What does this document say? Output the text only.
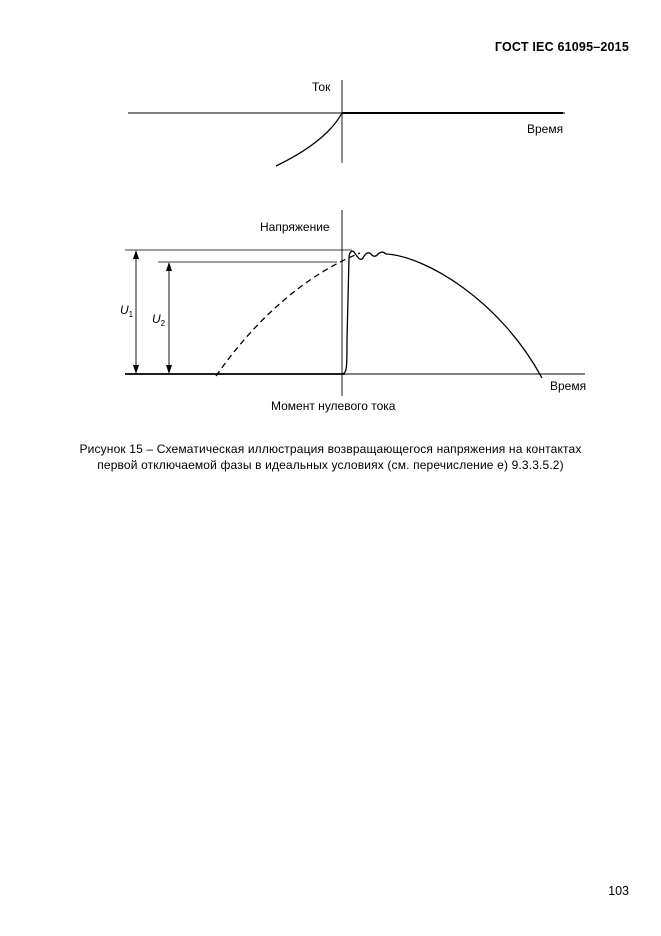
ГОСТ IEC 61095–2015
Ток
Время
Напряжение
Время
Момент нулевого тока
$U_1$ $U_2$
Рисунок 15 – Схематическая иллюстрация возвращающегося напряжения на контактах
первой отключаемой фазы в идеальных условиях (см. перечисление е) 9.3.3.5.2)
103
